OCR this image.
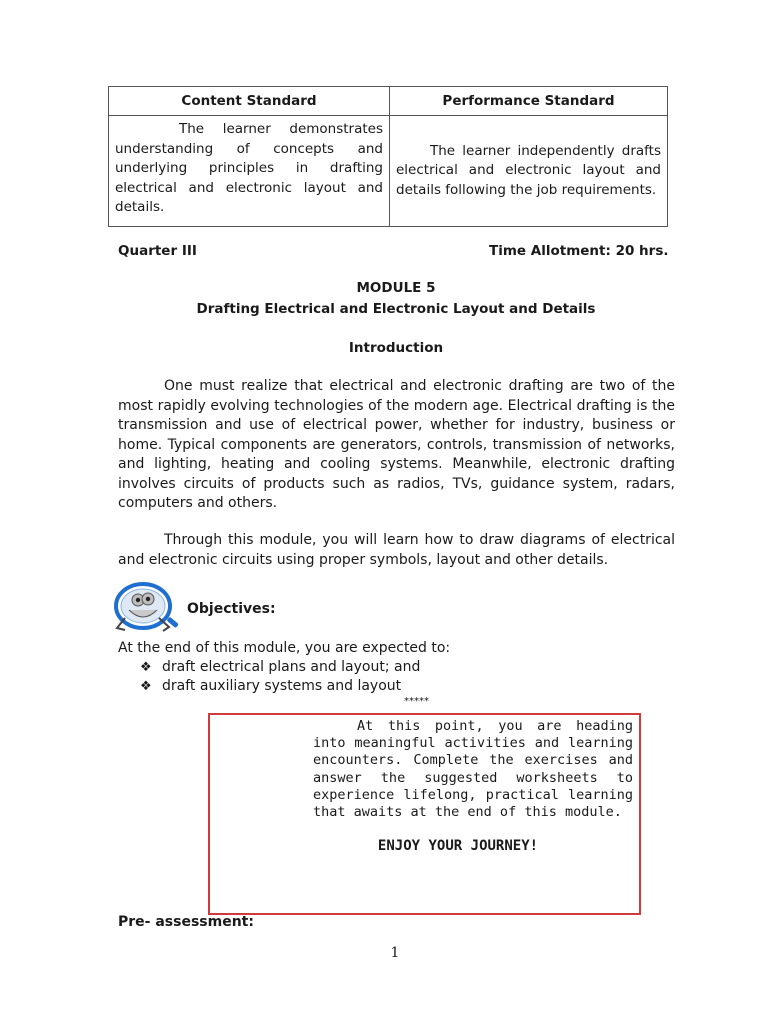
Content Standard	Performance Standard
The learner demonstrates understanding of concepts and underlying principles in drafting electrical and electronic layout and details.	The learner independently drafts electrical and electronic layout and details following the job requirements.
Quarter III	Time Allotment: 20 hrs.
MODULE 5
Drafting Electrical and Electronic Layout and Details
Introduction
One must realize that electrical and electronic drafting are two of the most rapidly evolving technologies of the modern age. Electrical drafting is the transmission and use of electrical power, whether for industry, business or home. Typical components are generators, controls, transmission of networks, and lighting, heating and cooling systems. Meanwhile, electronic drafting involves circuits of products such as radios, TVs, guidance system, radars, computers and others.
Through this module, you will learn how to draw diagrams of electrical and electronic circuits using proper symbols, layout and other details.
Objectives:
At the end of this module, you are expected to:
❖ draft electrical plans and layout; and
❖ draft auxiliary systems and layout
*****
At this point, you are heading into meaningful activities and learning encounters. Complete the exercises and answer the suggested worksheets to experience lifelong, practical learning that awaits at the end of this module.
ENJOY YOUR JOURNEY!
Pre- assessment:
1
